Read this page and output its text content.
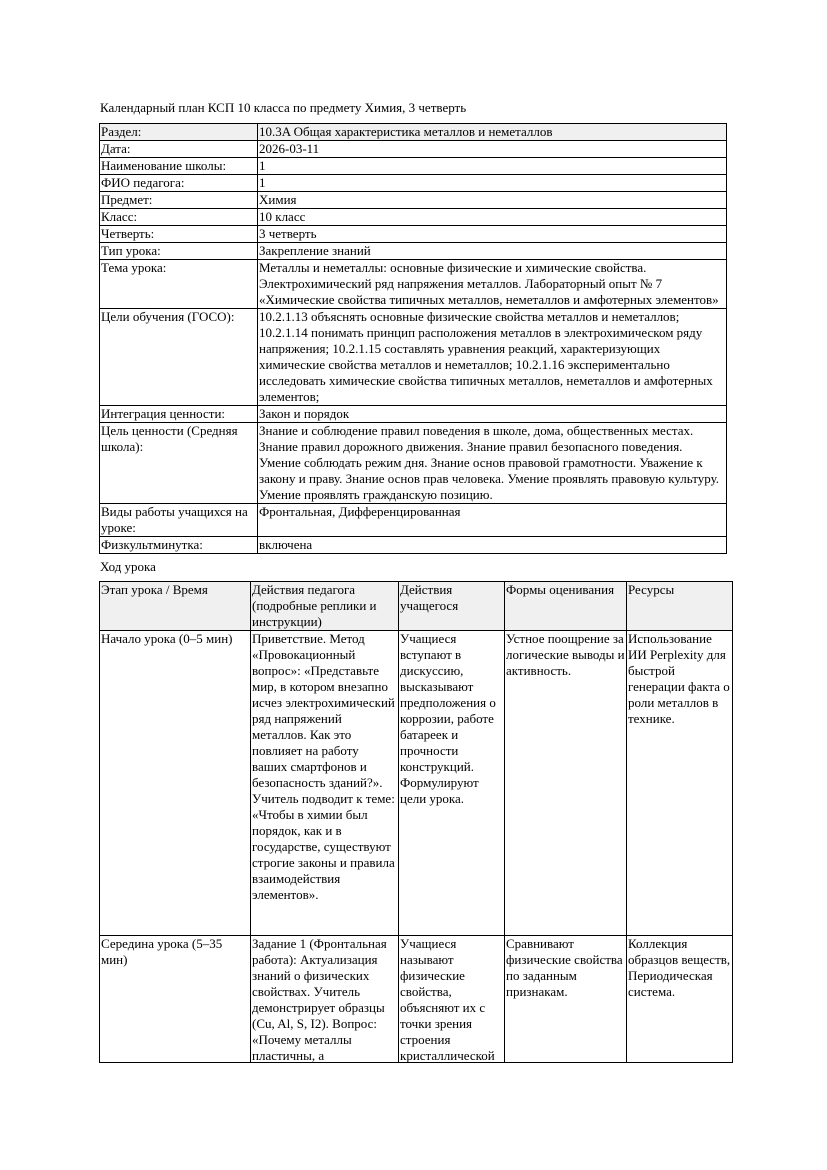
Календарный план КСП 10 класса по предмету Химия, 3 четверть
Раздел:	10.3A Общая характеристика металлов и неметаллов
Дата:	2026-03-11
Наименование школы:	1
ФИО педагога:	1
Предмет:	Химия
Класс:	10 класс
Четверть:	3 четверть
Тип урока:	Закрепление знаний
Тема урока:	Металлы и неметаллы: основные физические и химические свойства. Электрохимический ряд напряжения металлов. Лабораторный опыт № 7 «Химические свойства типичных металлов, неметаллов и амфотерных элементов»
Цели обучения (ГОСО):	10.2.1.13 объяснять основные физические свойства металлов и неметаллов; 10.2.1.14 понимать принцип расположения металлов в электрохимическом ряду напряжения; 10.2.1.15 составлять уравнения реакций, характеризующих химические свойства металлов и неметаллов; 10.2.1.16 экспериментально исследовать химические свойства типичных металлов, неметаллов и амфотерных элементов;
Интеграция ценности:	Закон и порядок
Цель ценности (Средняя школа):	Знание и соблюдение правил поведения в школе, дома, общественных местах. Знание правил дорожного движения. Знание правил безопасного поведения. Умение соблюдать режим дня. Знание основ правовой грамотности. Уважение к закону и праву. Знание основ прав человека. Умение проявлять правовую культуру. Умение проявлять гражданскую позицию.
Виды работы учащихся на уроке:	Фронтальная, Дифференцированная
Физкультминутка:	включена
Ход урока
Этап урока / Время	Действия педагога (подробные реплики и инструкции)	Действия учащегося	Формы оценивания	Ресурсы
Начало урока (0–5 мин)	Приветствие. Метод «Провокационный вопрос»: «Представьте мир, в котором внезапно исчез электрохимический ряд напряжений металлов. Как это повлияет на работу ваших смартфонов и безопасность зданий?». Учитель подводит к теме: «Чтобы в химии был порядок, как и в государстве, существуют строгие законы и правила взаимодействия элементов».	Учащиеся вступают в дискуссию, высказывают предположения о коррозии, работе батареек и прочности конструкций. Формулируют цели урока.	Устное поощрение за логические выводы и активность.	Использование ИИ Perplexity для быстрой генерации факта о роли металлов в технике.

Середина урока (5–35 мин)	Задание 1 (Фронтальная работа): Актуализация знаний о физических свойствах. Учитель демонстрирует образцы (Cu, Al, S, I2). Вопрос: «Почему металлы пластичны, а	Учащиеся называют физические свойства, объясняют их с точки зрения строения кристаллической	Сравнивают физические свойства по заданным признакам.	Коллекция образцов веществ, Периодическая система.
